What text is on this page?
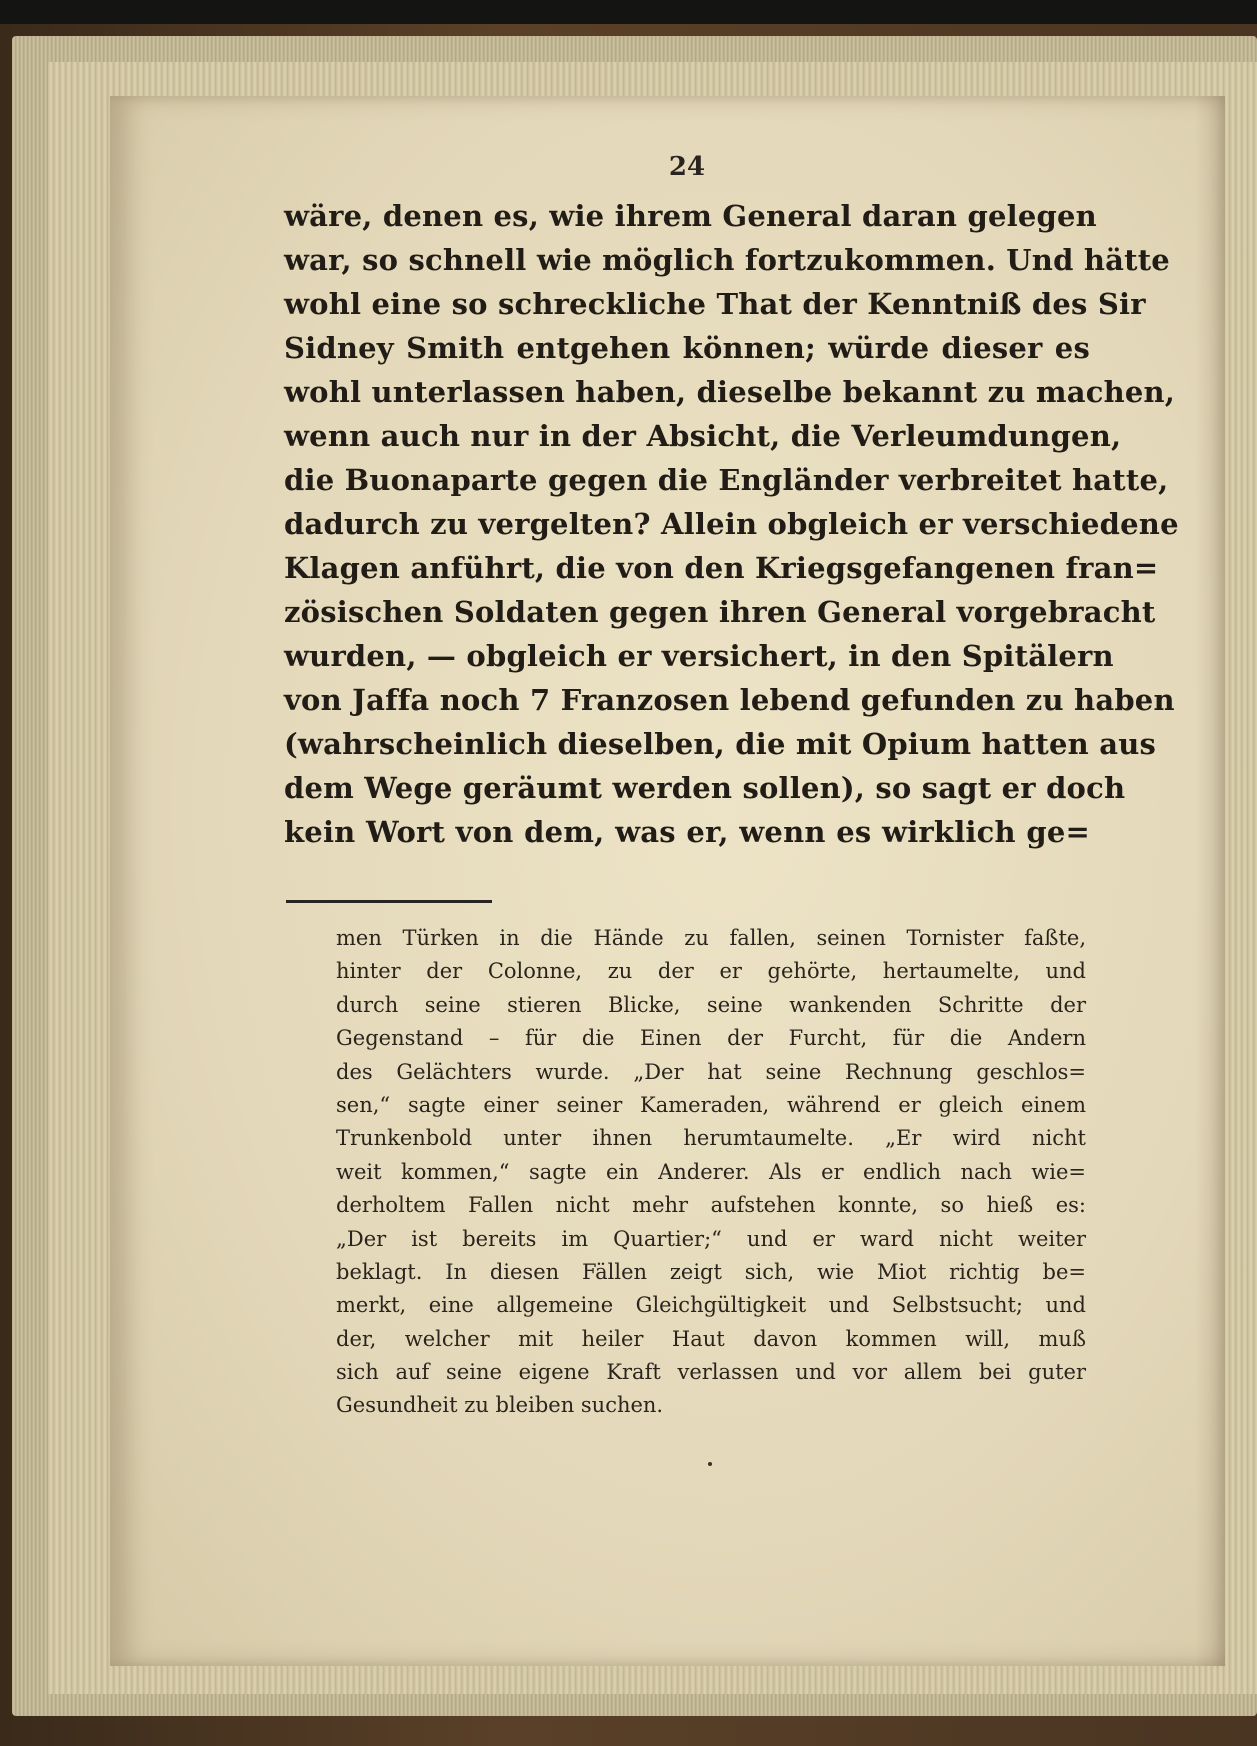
24
wäre, denen es, wie ihrem General daran gelegen
war, so schnell wie möglich fortzukommen. Und hätte
wohl eine so schreckliche That der Kenntniß des Sir
Sidney Smith entgehen können; würde dieser es
wohl unterlassen haben, dieselbe bekannt zu machen,
wenn auch nur in der Absicht, die Verleumdungen,
die Buonaparte gegen die Engländer verbreitet hatte,
dadurch zu vergelten? Allein obgleich er verschiedene
Klagen anführt, die von den Kriegsgefangenen fran=
zösischen Soldaten gegen ihren General vorgebracht
wurden, — obgleich er versichert, in den Spitälern
von Jaffa noch 7 Franzosen lebend gefunden zu haben
(wahrscheinlich dieselben, die mit Opium hatten aus
dem Wege geräumt werden sollen), so sagt er doch
kein Wort von dem, was er, wenn es wirklich ge=
men Türken in die Hände zu fallen, seinen Tornister faßte,
hinter der Colonne, zu der er gehörte, hertaumelte, und
durch seine stieren Blicke, seine wankenden Schritte der
Gegenstand – für die Einen der Furcht, für die Andern
des Gelächters wurde. „Der hat seine Rechnung geschlos=
sen,“ sagte einer seiner Kameraden, während er gleich einem
Trunkenbold unter ihnen herumtaumelte. „Er wird nicht
weit kommen,“ sagte ein Anderer. Als er endlich nach wie=
derholtem Fallen nicht mehr aufstehen konnte, so hieß es:
„Der ist bereits im Quartier;“ und er ward nicht weiter
beklagt. In diesen Fällen zeigt sich, wie Miot richtig be=
merkt, eine allgemeine Gleichgültigkeit und Selbstsucht; und
der, welcher mit heiler Haut davon kommen will, muß
sich auf seine eigene Kraft verlassen und vor allem bei guter
Gesundheit zu bleiben suchen.
